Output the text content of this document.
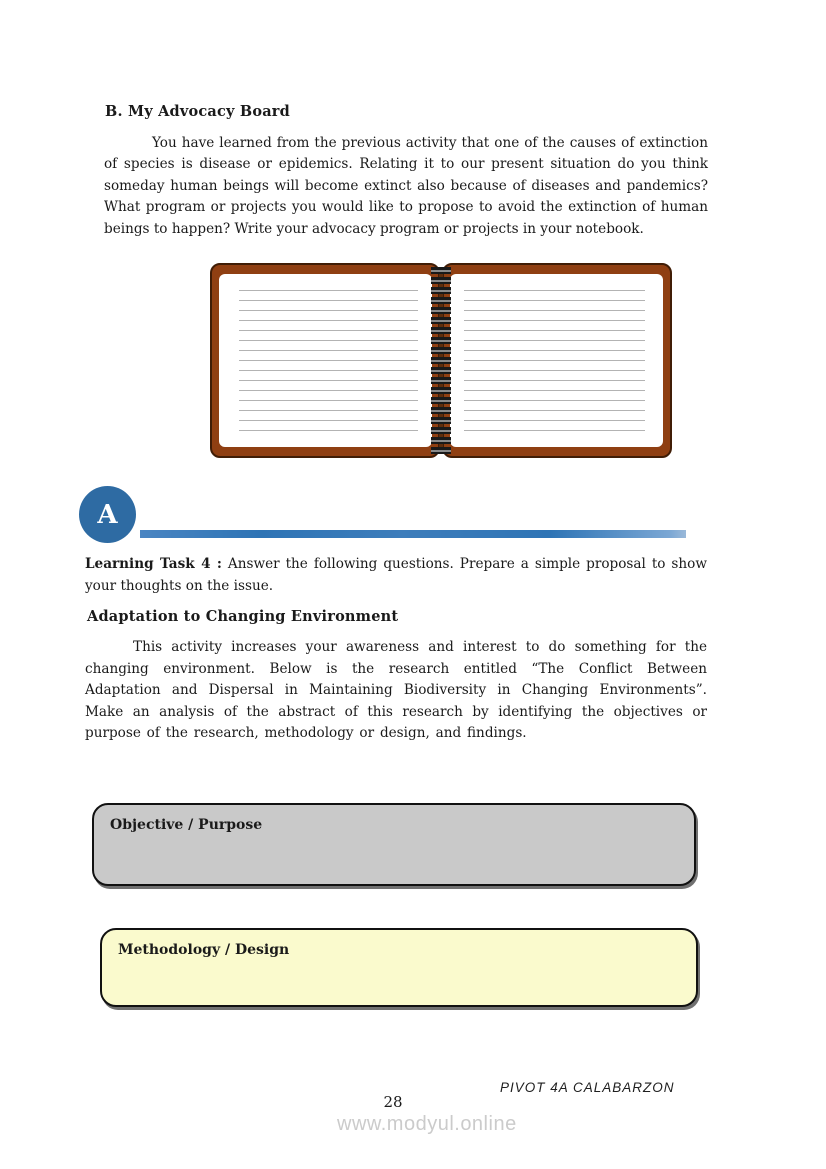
B. My Advocacy Board
You have learned from the previous activity that one of the causes of extinction of species is disease or epidemics. Relating it to our present situation do you think someday human beings will become extinct also because of diseases and pandemics? What program or projects you would like to propose to avoid the extinction of human beings to happen? Write your advocacy program or projects in your notebook.
A
Learning Task 4 : Answer the following questions. Prepare a simple proposal to show your thoughts on the issue.
Adaptation to Changing Environment
This activity increases your awareness and interest to do something for the changing environment. Below is the research entitled “The Conflict Between Adaptation and Dispersal in Maintaining Biodiversity in Changing Environments”. Make an analysis of the abstract of this research by identifying the objectives or purpose of the research, methodology or design, and findings.
Objective / Purpose
Methodology / Design
PIVOT 4A CALABARZON
28
www.modyul.online
